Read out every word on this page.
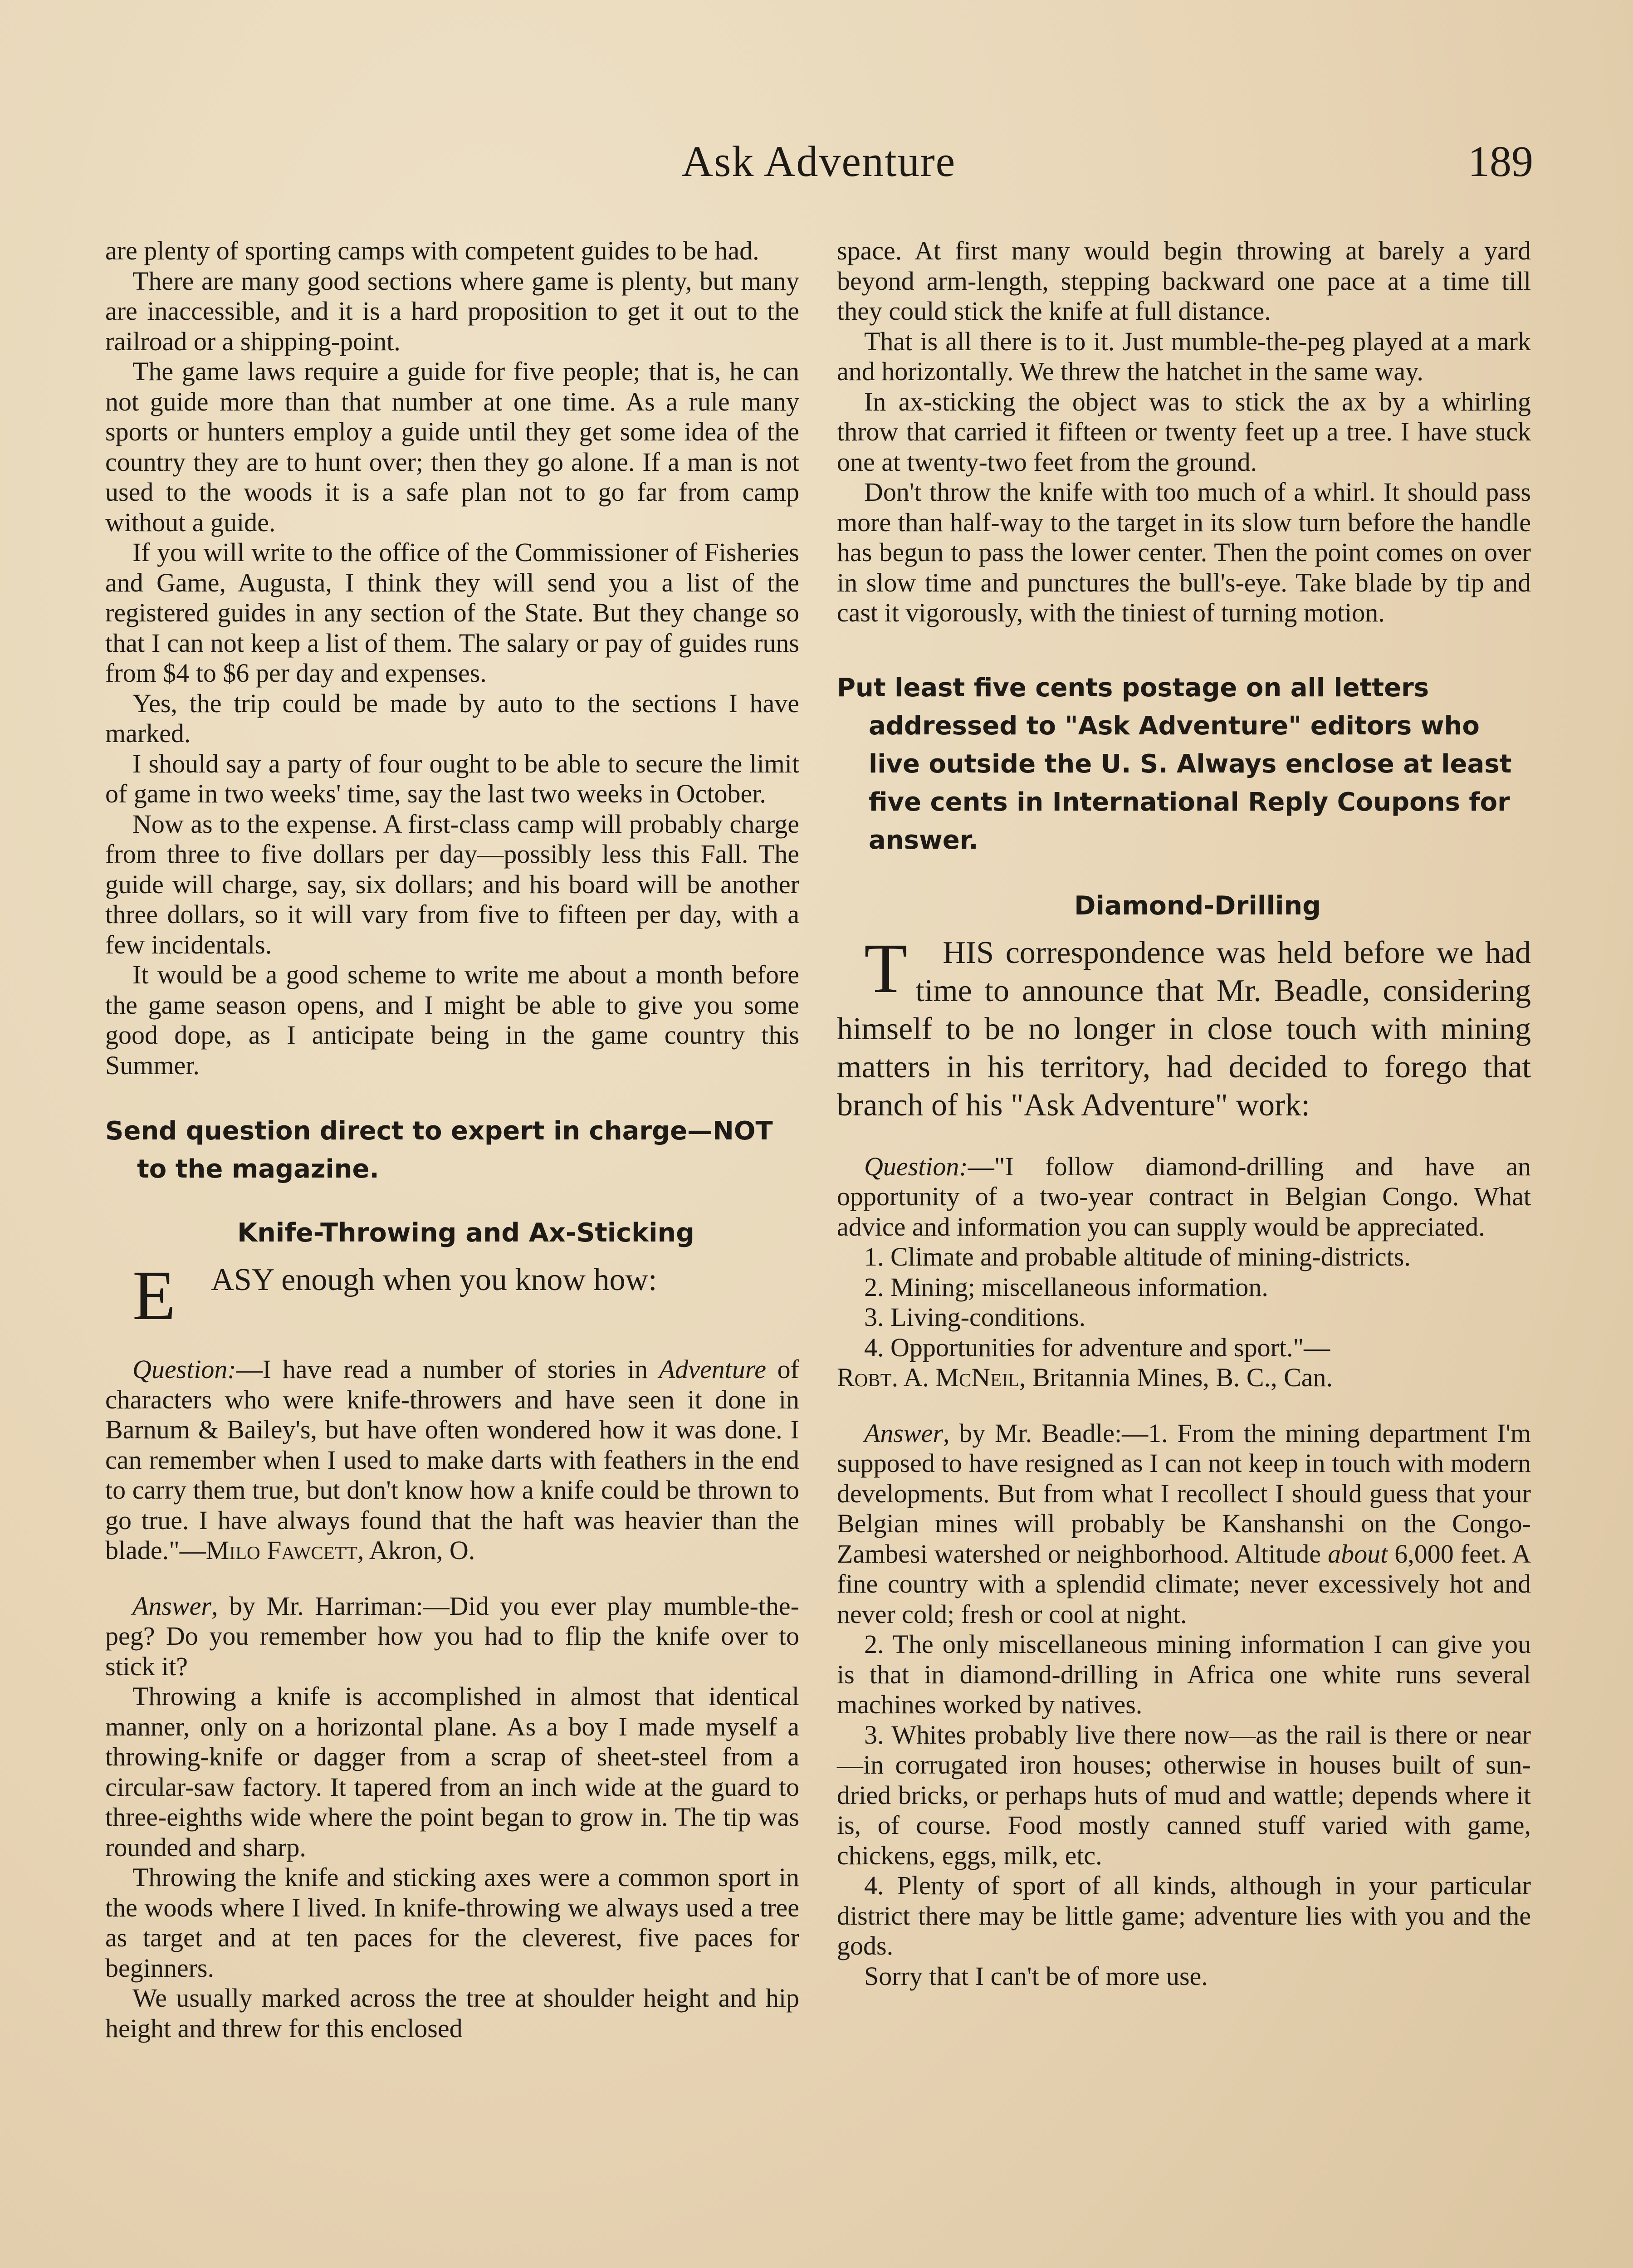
Ask Adventure	189

are plenty of sporting camps with competent guides to be had.

There are many good sections where game is plenty, but many are inaccessible, and it is a hard proposition to get it out to the railroad or a shipping-point.

The game laws require a guide for five people; that is, he can not guide more than that number at one time. As a rule many sports or hunters employ a guide until they get some idea of the country they are to hunt over; then they go alone. If a man is not used to the woods it is a safe plan not to go far from camp without a guide.

If you will write to the office of the Commissioner of Fisheries and Game, Augusta, I think they will send you a list of the registered guides in any section of the State. But they change so that I can not keep a list of them. The salary or pay of guides runs from $4 to $6 per day and expenses.

Yes, the trip could be made by auto to the sections I have marked.

I should say a party of four ought to be able to secure the limit of game in two weeks' time, say the last two weeks in October.

Now as to the expense. A first-class camp will probably charge from three to five dollars per day—possibly less this Fall. The guide will charge, say, six dollars; and his board will be another three dollars, so it will vary from five to fifteen per day, with a few incidentals.

It would be a good scheme to write me about a month before the game season opens, and I might be able to give you some good dope, as I anticipate being in the game country this Summer.

Send question direct to expert in charge—NOT to the magazine.

Knife-Throwing and Ax-Sticking

E ASY enough when you know how:

Question:—I have read a number of stories in Adventure of characters who were knife-throwers and have seen it done in Barnum & Bailey's, but have often wondered how it was done. I can remember when I used to make darts with feathers in the end to carry them true, but don't know how a knife could be thrown to go true. I have always found that the haft was heavier than the blade."—Milo Fawcett, Akron, O.

Answer, by Mr. Harriman:—Did you ever play mumble-the-peg? Do you remember how you had to flip the knife over to stick it?

Throwing a knife is accomplished in almost that identical manner, only on a horizontal plane. As a boy I made myself a throwing-knife or dagger from a scrap of sheet-steel from a circular-saw factory. It tapered from an inch wide at the guard to three-eighths wide where the point began to grow in. The tip was rounded and sharp.

Throwing the knife and sticking axes were a common sport in the woods where I lived. In knife-throwing we always used a tree as target and at ten paces for the cleverest, five paces for beginners.

We usually marked across the tree at shoulder height and hip height and threw for this enclosed

space. At first many would begin throwing at barely a yard beyond arm-length, stepping backward one pace at a time till they could stick the knife at full distance.

That is all there is to it. Just mumble-the-peg played at a mark and horizontally. We threw the hatchet in the same way.

In ax-sticking the object was to stick the ax by a whirling throw that carried it fifteen or twenty feet up a tree. I have stuck one at twenty-two feet from the ground.

Don't throw the knife with too much of a whirl. It should pass more than half-way to the target in its slow turn before the handle has begun to pass the lower center. Then the point comes on over in slow time and punctures the bull's-eye. Take blade by tip and cast it vigorously, with the tiniest of turning motion.

Put least five cents postage on all letters addressed to "Ask Adventure" editors who live outside the U. S. Always enclose at least five cents in International Reply Coupons for answer.

Diamond-Drilling

T HIS correspondence was held before we had time to announce that Mr. Beadle, considering himself to be no longer in close touch with mining matters in his territory, had decided to forego that branch of his "Ask Adventure" work:

Question:—"I follow diamond-drilling and have an opportunity of a two-year contract in Belgian Congo. What advice and information you can supply would be appreciated.

1. Climate and probable altitude of mining-districts.

2. Mining; miscellaneous information.

3. Living-conditions.

4. Opportunities for adventure and sport."—

Robt. A. McNeil, Britannia Mines, B. C., Can.

Answer, by Mr. Beadle:—1. From the mining department I'm supposed to have resigned as I can not keep in touch with modern developments. But from what I recollect I should guess that your Belgian mines will probably be Kanshanshi on the Congo-Zambesi watershed or neighborhood. Altitude about 6,000 feet. A fine country with a splendid climate; never excessively hot and never cold; fresh or cool at night.

2. The only miscellaneous mining information I can give you is that in diamond-drilling in Africa one white runs several machines worked by natives.

3. Whites probably live there now—as the rail is there or near—in corrugated iron houses; otherwise in houses built of sun-dried bricks, or perhaps huts of mud and wattle; depends where it is, of course. Food mostly canned stuff varied with game, chickens, eggs, milk, etc.

4. Plenty of sport of all kinds, although in your particular district there may be little game; adventure lies with you and the gods.

Sorry that I can't be of more use.
